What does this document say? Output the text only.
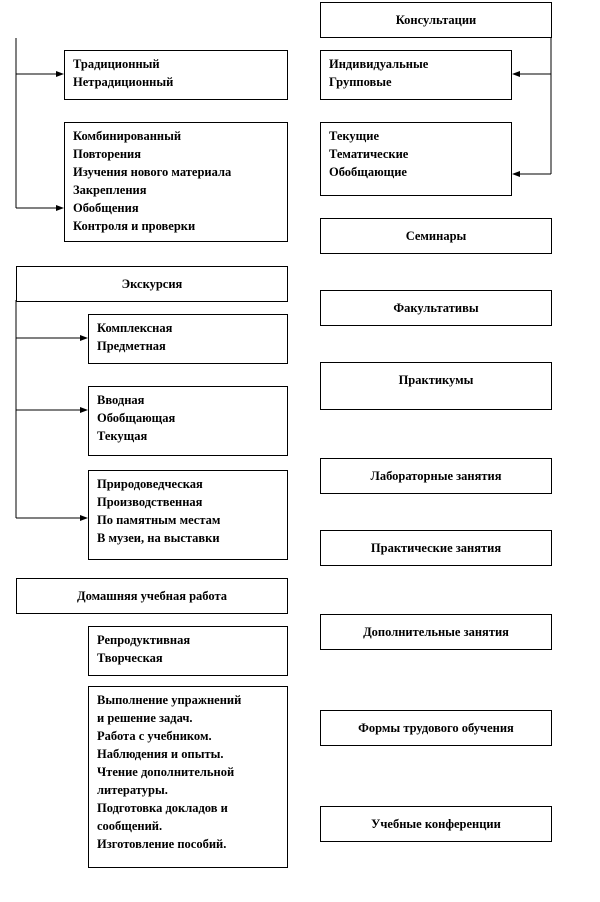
Традиционный
Нетрадиционный
Комбинированный
Повторения
Изучения нового материала
Закрепления
Обобщения
Контроля и проверки
Экскурсия
Комплексная
Предметная
Вводная
Обобщающая
Текущая
Природоведческая
Производственная
По памятным местам
В музеи, на выставки
Домашняя учебная работа
Репродуктивная
Творческая
Выполнение упражнений
и решение задач.
Работа с учебником.
Наблюдения и опыты.
Чтение дополнительной
литературы.
Подготовка докладов и
сообщений.
Изготовление пособий.
Консультации
Индивидуальные
Групповые
Текущие
Тематические
Обобщающие
Семинары
Факультативы
Практикумы
Лабораторные занятия
Практические занятия
Дополнительные занятия
Формы трудового обучения
Учебные конференции
